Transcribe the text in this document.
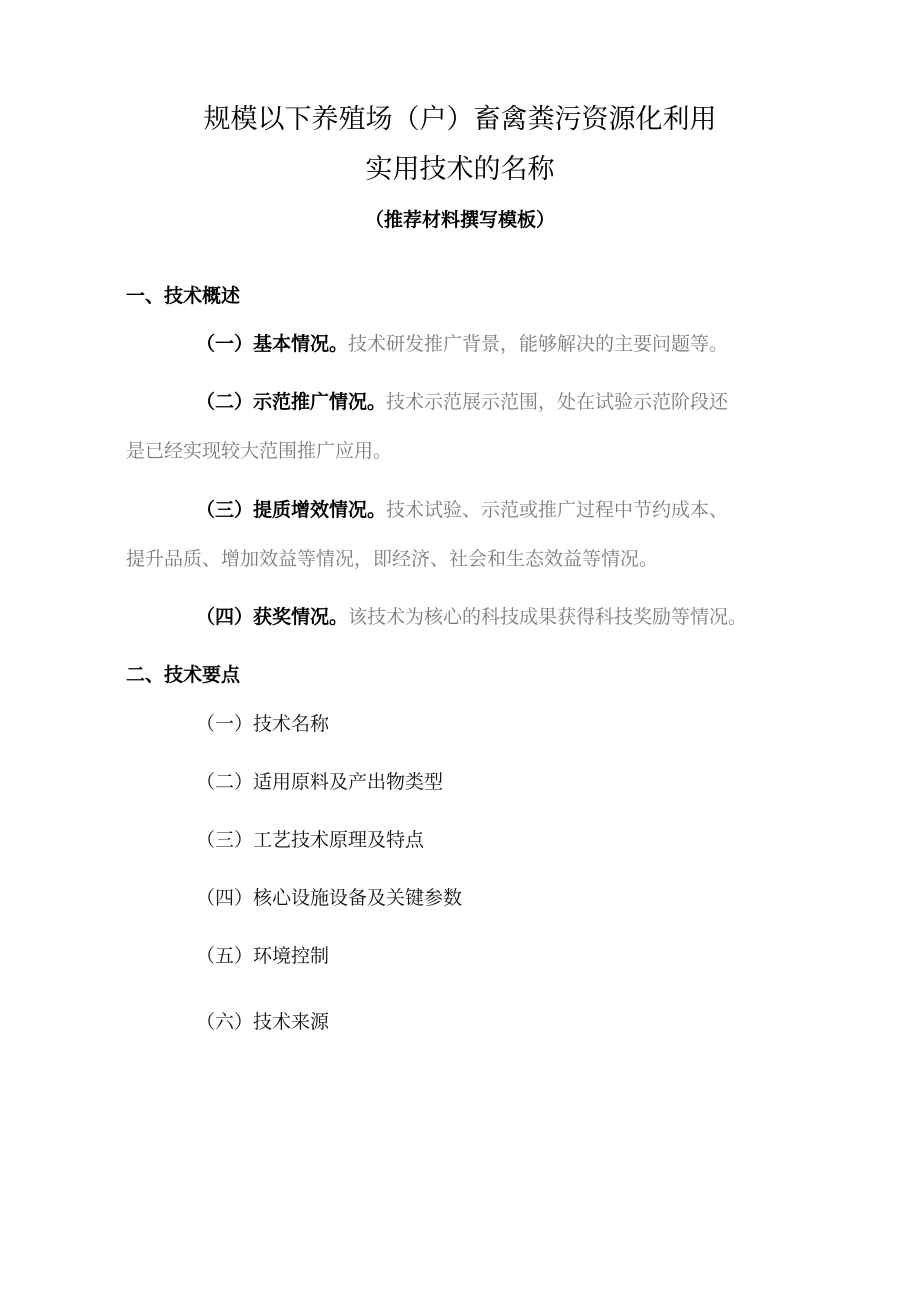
规模以下养殖场（户）畜禽粪污资源化利用
实用技术的名称
（推荐材料撰写模板）
一、技术概述
（一）基本情况。技术研发推广背景，能够解决的主要问题等。
（二）示范推广情况。技术示范展示范围，处在试验示范阶段还
是已经实现较大范围推广应用。
（三）提质增效情况。技术试验、示范或推广过程中节约成本、
提升品质、增加效益等情况，即经济、社会和生态效益等情况。
（四）获奖情况。该技术为核心的科技成果获得科技奖励等情况。
二、技术要点
（一）技术名称
（二）适用原料及产出物类型
（三）工艺技术原理及特点
（四）核心设施设备及关键参数
（五）环境控制
（六）技术来源
